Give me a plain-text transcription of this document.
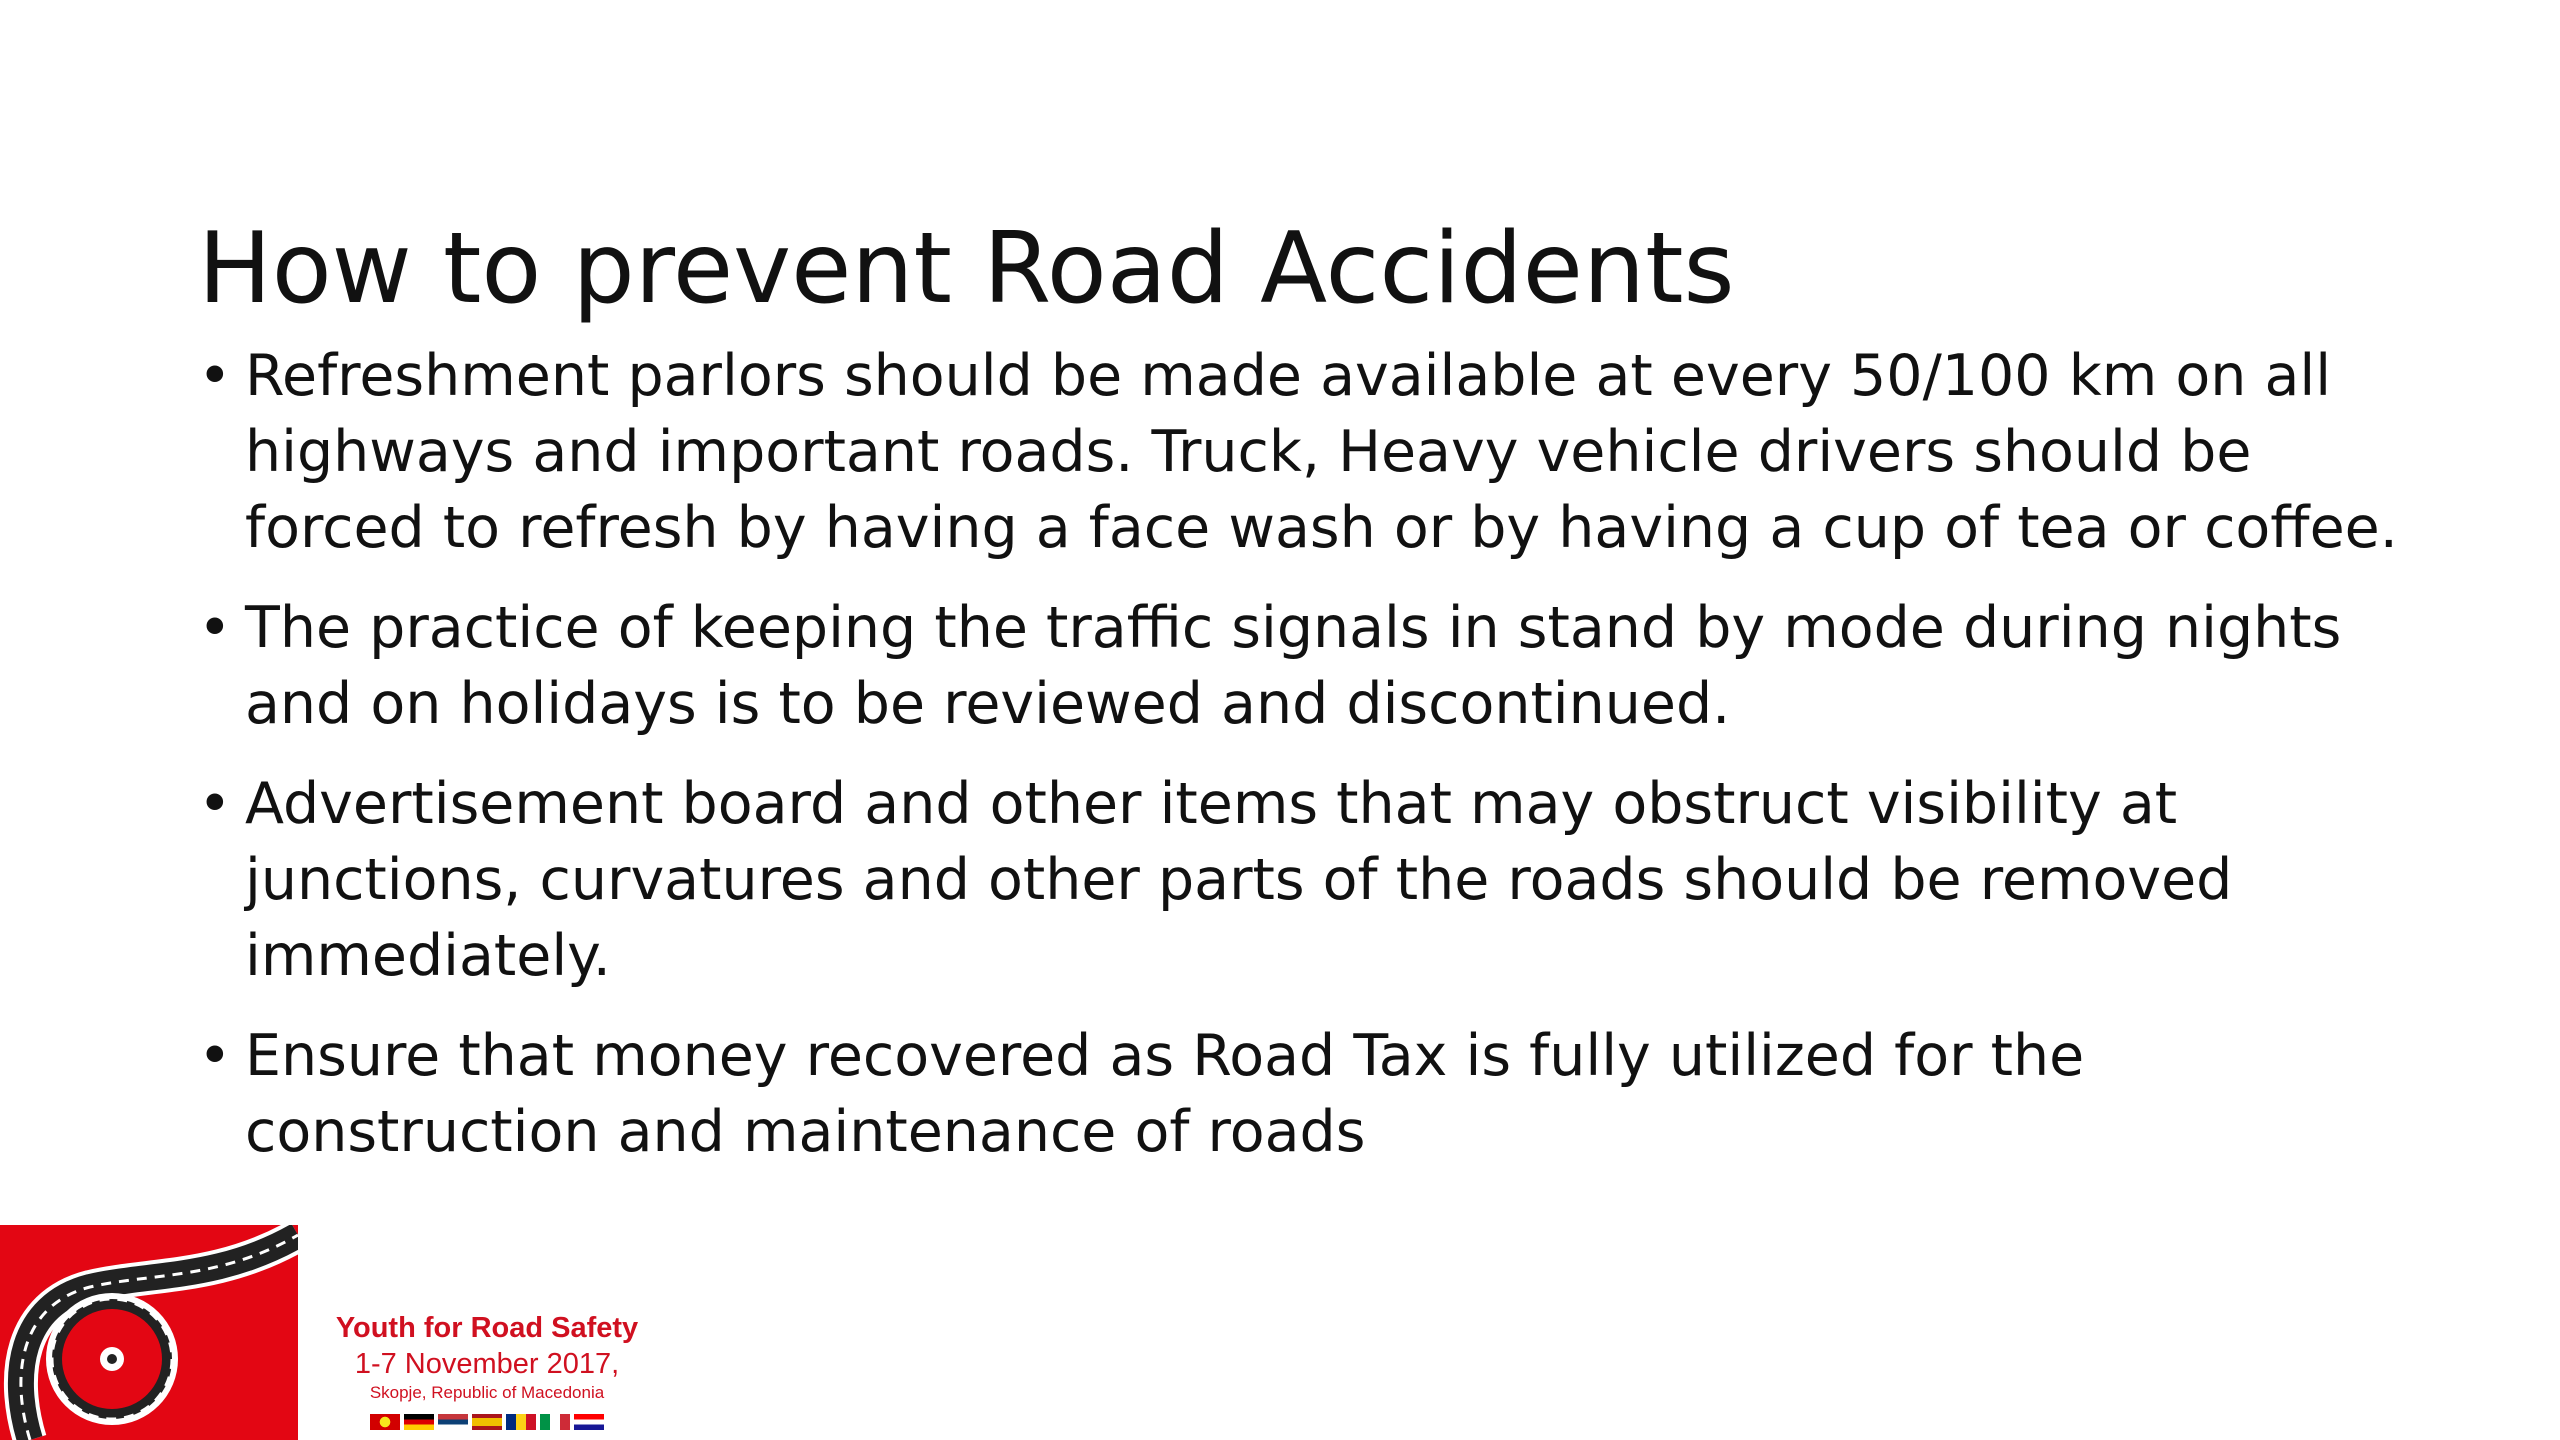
How to prevent Road Accidents
• Refreshment parlors should be made available at every 50/100 km on all highways and important roads. Truck, Heavy vehicle drivers should be forced to refresh by having a face wash or by having a cup of tea or coffee.
• The practice of keeping the traffic signals in stand by mode during nights and on holidays is to be reviewed and discontinued.
• Advertisement board and other items that may obstruct visibility at junctions, curvatures and other parts of the roads should be removed immediately.
• Ensure that money recovered as Road Tax is fully utilized for the construction and maintenance of roads
Youth for Road Safety
1-7 November 2017,
Skopje, Republic of Macedonia
